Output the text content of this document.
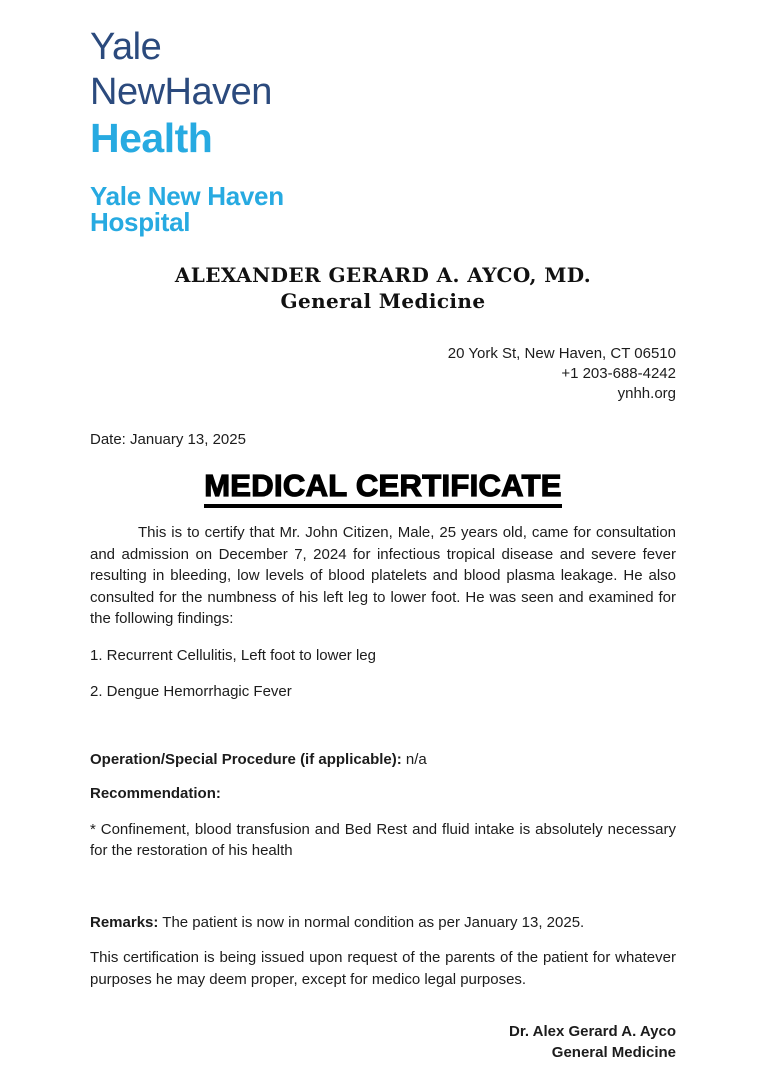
Yale
NewHaven
Health
Yale New Haven
Hospital
ALEXANDER GERARD A. AYCO, MD.
General Medicine
20 York St, New Haven, CT 06510
+1 203-688-4242
ynhh.org
Date: January 13, 2025
MEDICAL CERTIFICATE

This is to certify that Mr. John Citizen, Male, 25 years old, came for consultation and admission on December 7, 2024 for infectious tropical disease and severe fever resulting in bleeding, low levels of blood platelets and blood plasma leakage. He also consulted for the numbness of his left leg to lower foot. He was seen and examined for the following findings:

1. Recurrent Cellulitis, Left foot to lower leg

2. Dengue Hemorrhagic Fever

Operation/Special Procedure (if applicable): n/a

Recommendation:

* Confinement, blood transfusion and Bed Rest and fluid intake is absolutely necessary for the restoration of his health

Remarks: The patient is now in normal condition as per January 13, 2025.

This certification is being issued upon request of the parents of the patient for whatever purposes he may deem proper, except for medico legal purposes.

Dr. Alex Gerard A. Ayco
General Medicine
